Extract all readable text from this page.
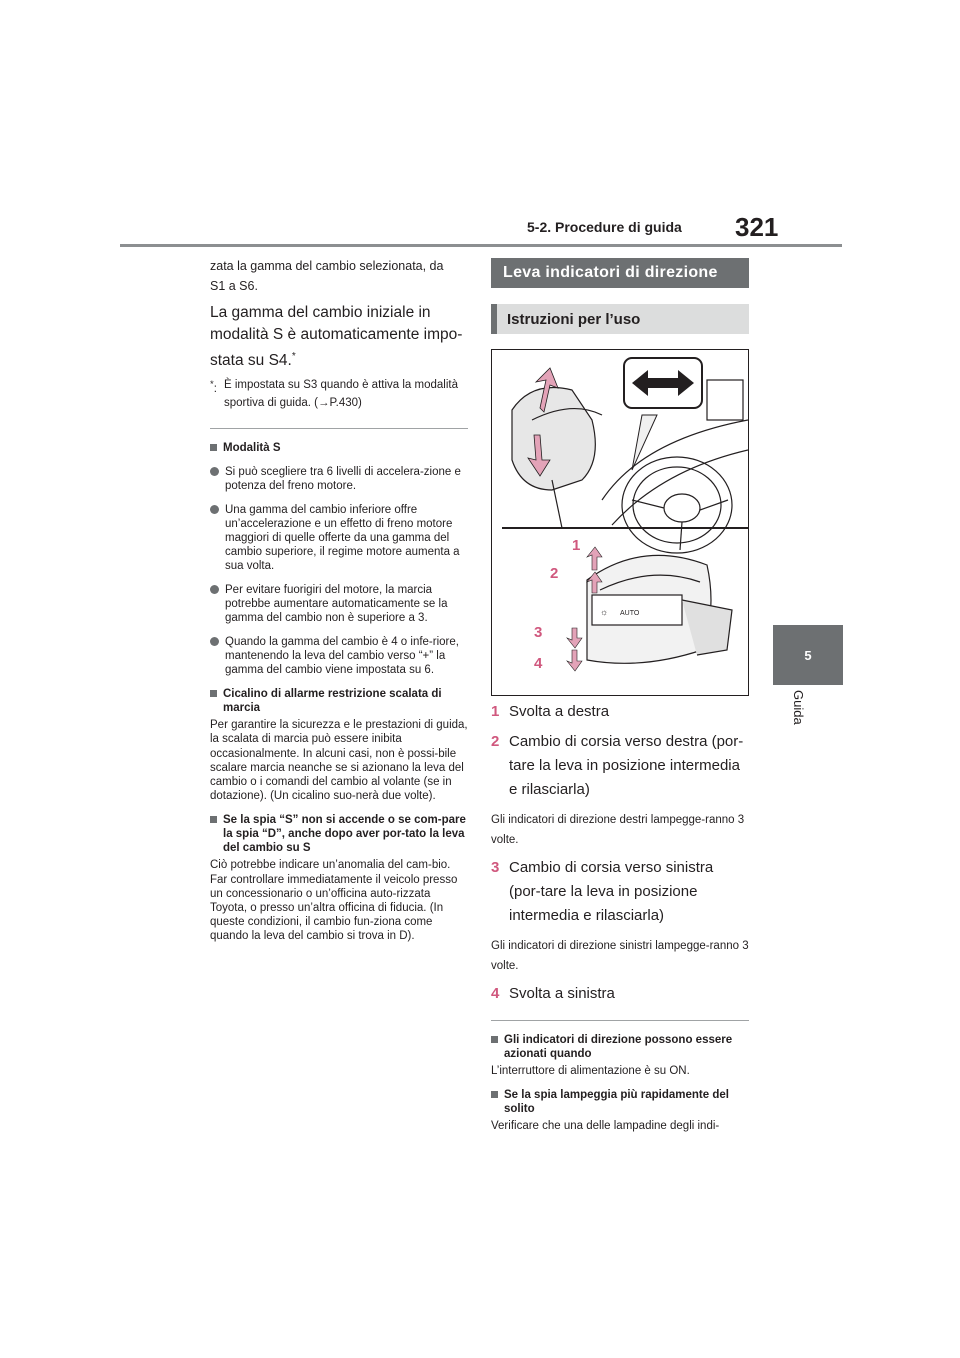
5-2. Procedure di guida 321
5
Guida

zata la gamma del cambio selezionata, da

S1 a S6.

La gamma del cambio iniziale in modalità S è automaticamente impo-stata su S4.*

*: È impostata su S3 quando è attiva la modalità sportiva di guida. (→P.430)
Modalità S
Si può scegliere tra 6 livelli di accelera-zione e potenza del freno motore.
Una gamma del cambio inferiore offre un’accelerazione e un effetto di freno motore maggiori di quelle offerte da una gamma del cambio superiore, il regime motore aumenta a sua volta.
Per evitare fuorigiri del motore, la marcia potrebbe aumentare automaticamente se la gamma del cambio non è superiore a 3.
Quando la gamma del cambio è 4 o infe-riore, mantenendo la leva del cambio verso “+” la gamma del cambio viene impostata su 6.
Cicalino di allarme restrizione scalata di marcia

Per garantire la sicurezza e le prestazioni di guida, la scalata di marcia può essere inibita occasionalmente. In alcuni casi, non è possi-bile scalare marcia neanche se si azionano la leva del cambio o i comandi del cambio al volante (se in dotazione). (Un cicalino suo-nerà due volte).

Se la spia “S” non si accende o se com-pare la spia “D”, anche dopo aver por-tato la leva del cambio su S

Ciò potrebbe indicare un’anomalia del cam-bio. Far controllare immediatamente il veicolo presso un concessionario o un’officina auto-rizzata Toyota, o presso un’altra officina di fiducia. (In queste condizioni, il cambio fun-ziona come quando la leva del cambio si trova in D).

Leva indicatori di direzione
Istruzioni per l’uso
☼ AUTO
1
2
3
4
1 Svolta a destra
2 Cambio di corsia verso destra (por-tare la leva in posizione intermedia e rilasciarla)

Gli indicatori di direzione destri lampegge-ranno 3 volte.

3 Cambio di corsia verso sinistra (por-tare la leva in posizione intermedia e rilasciarla)

Gli indicatori di direzione sinistri lampegge-ranno 3 volte.

4 Svolta a sinistra
Gli indicatori di direzione possono essere azionati quando

L’interruttore di alimentazione è su ON.

Se la spia lampeggia più rapidamente del solito

Verificare che una delle lampadine degli indi-
